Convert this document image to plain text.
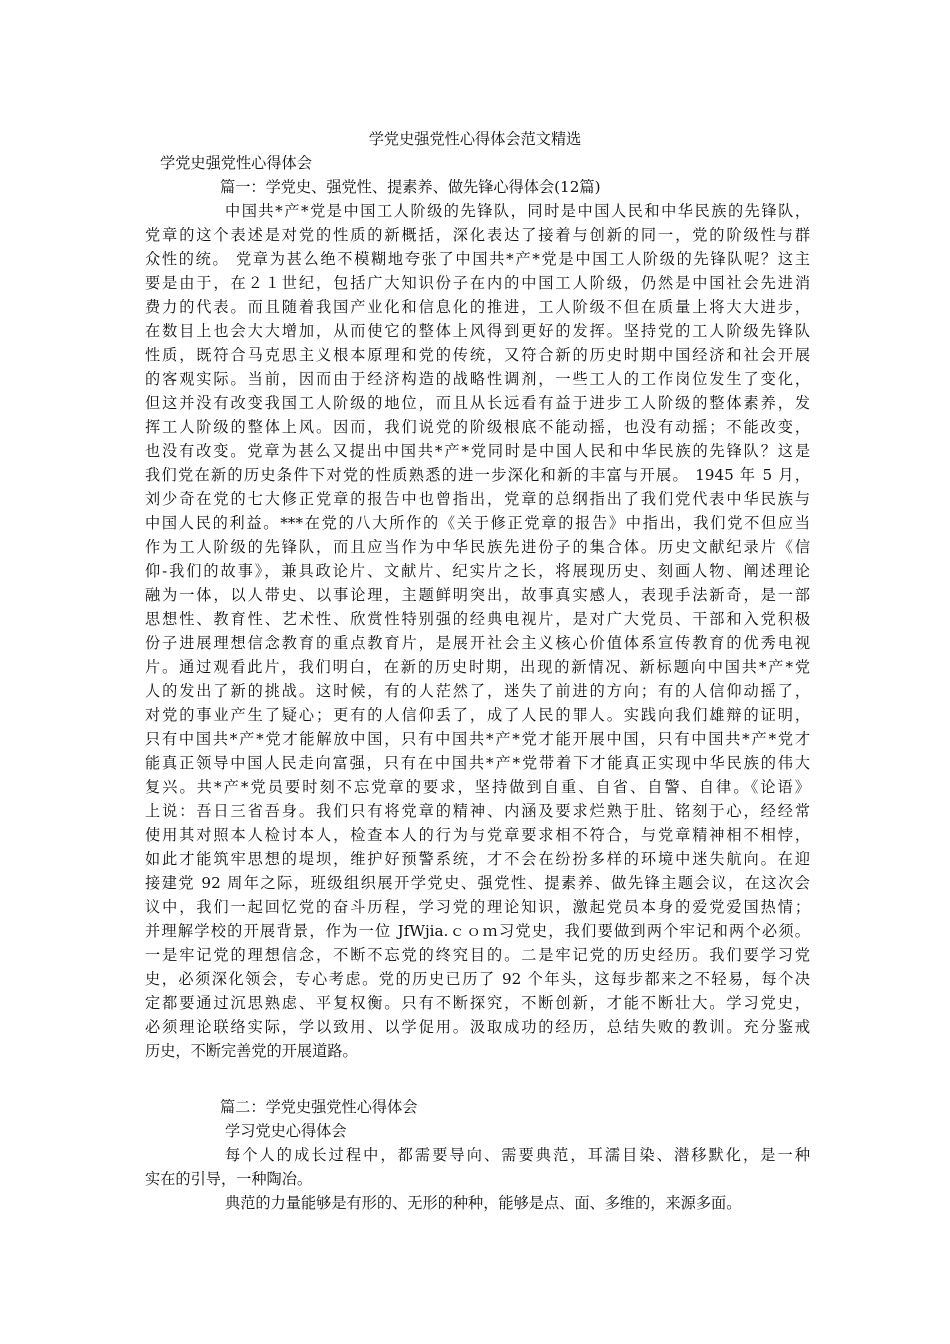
学党史强党性心得体会范文精选
学党史强党性心得体会
篇一：学党史、强党性、提素养、做先锋心得体会(12篇)
中国共*产*党是中国工人阶级的先锋队，同时是中国人民和中华民族的先锋队，
党章的这个表述是对党的性质的新概括，深化表达了接着与创新的同一，党的阶级性与群
众性的统。 党章为甚么绝不模糊地夸张了中国共*产*党是中国工人阶级的先锋队呢？这主
要是由于，在２１世纪，包括广大知识份子在内的中国工人阶级，仍然是中国社会先进消
费力的代表。而且随着我国产业化和信息化的推进，工人阶级不但在质量上将大大进步，
在数目上也会大大增加，从而使它的整体上风得到更好的发挥。坚持党的工人阶级先锋队
性质，既符合马克思主义根本原理和党的传统，又符合新的历史时期中国经济和社会开展
的客观实际。当前，因而由于经济构造的战略性调剂，一些工人的工作岗位发生了变化，
但这并没有改变我国工人阶级的地位，而且从长远看有益于进步工人阶级的整体素养，发
挥工人阶级的整体上风。因而，我们说党的阶级根底不能动摇，也没有动摇；不能改变，
也没有改变。党章为甚么又提出中国共*产*党同时是中国人民和中华民族的先锋队？这是
我们党在新的历史条件下对党的性质熟悉的进一步深化和新的丰富与开展。 1945 年 5 月，
刘少奇在党的七大修正党章的报告中也曾指出，党章的总纲指出了我们党代表中华民族与
中国人民的利益。***在党的八大所作的《关于修正党章的报告》中指出，我们党不但应当
作为工人阶级的先锋队，而且应当作为中华民族先进份子的集合体。历史文献纪录片《信
仰-我们的故事》，兼具政论片、文献片、纪实片之长，将展现历史、刻画人物、阐述理论
融为一体，以人带史、以事论理，主题鲜明突出，故事真实感人，表现手法新奇，是一部
思想性、教育性、艺术性、欣赏性特别强的经典电视片，是对广大党员、干部和入党积极
份子进展理想信念教育的重点教育片，是展开社会主义核心价值体系宣传教育的优秀电视
片。通过观看此片，我们明白，在新的历史时期，出现的新情况、新标题向中国共*产*党
人的发出了新的挑战。这时候，有的人茫然了，迷失了前进的方向；有的人信仰动摇了，
对党的事业产生了疑心；更有的人信仰丢了，成了人民的罪人。实践向我们雄辩的证明，
只有中国共*产*党才能解放中国，只有中国共*产*党才能开展中国，只有中国共*产*党才
能真正领导中国人民走向富强，只有在中国共*产*党带着下才能真正实现中华民族的伟大
复兴。共*产*党员要时刻不忘党章的要求，坚持做到自重、自省、自警、自律。《论语》
上说：吾日三省吾身。我们只有将党章的精神、内涵及要求烂熟于肚、铭刻于心，经经常
使用其对照本人检讨本人，检查本人的行为与党章要求相不符合，与党章精神相不相悖，
如此才能筑牢思想的堤坝，维护好预警系统，才不会在纷扮多样的环境中迷失航向。在迎
接建党 92 周年之际，班级组织展开学党史、强党性、提素养、做先锋主题会议，在这次会
议中，我们一起回忆党的奋斗历程，学习党的理论知识，激起党员本身的爱党爱国热情；
并理解学校的开展背景，作为一位 JfWjia.ｃｏｍ习党史，我们要做到两个牢记和两个必须。
一是牢记党的理想信念，不断不忘党的终究目的。二是牢记党的历史经历。我们要学习党
史，必须深化领会，专心考虑。党的历史已历了 92 个年头，这每步都来之不轻易，每个决
定都要通过沉思熟虑、平复权衡。只有不断探究，不断创新，才能不断壮大。学习党史，
必须理论联络实际，学以致用、以学促用。汲取成功的经历，总结失败的教训。充分鉴戒
历史，不断完善党的开展道路。
篇二：学党史强党性心得体会
学习党史心得体会
每个人的成长过程中，都需要导向、需要典范，耳濡目染、潜移默化，是一种
实在的引导，一种陶冶。
典范的力量能够是有形的、无形的种种，能够是点、面、多维的，来源多面。
